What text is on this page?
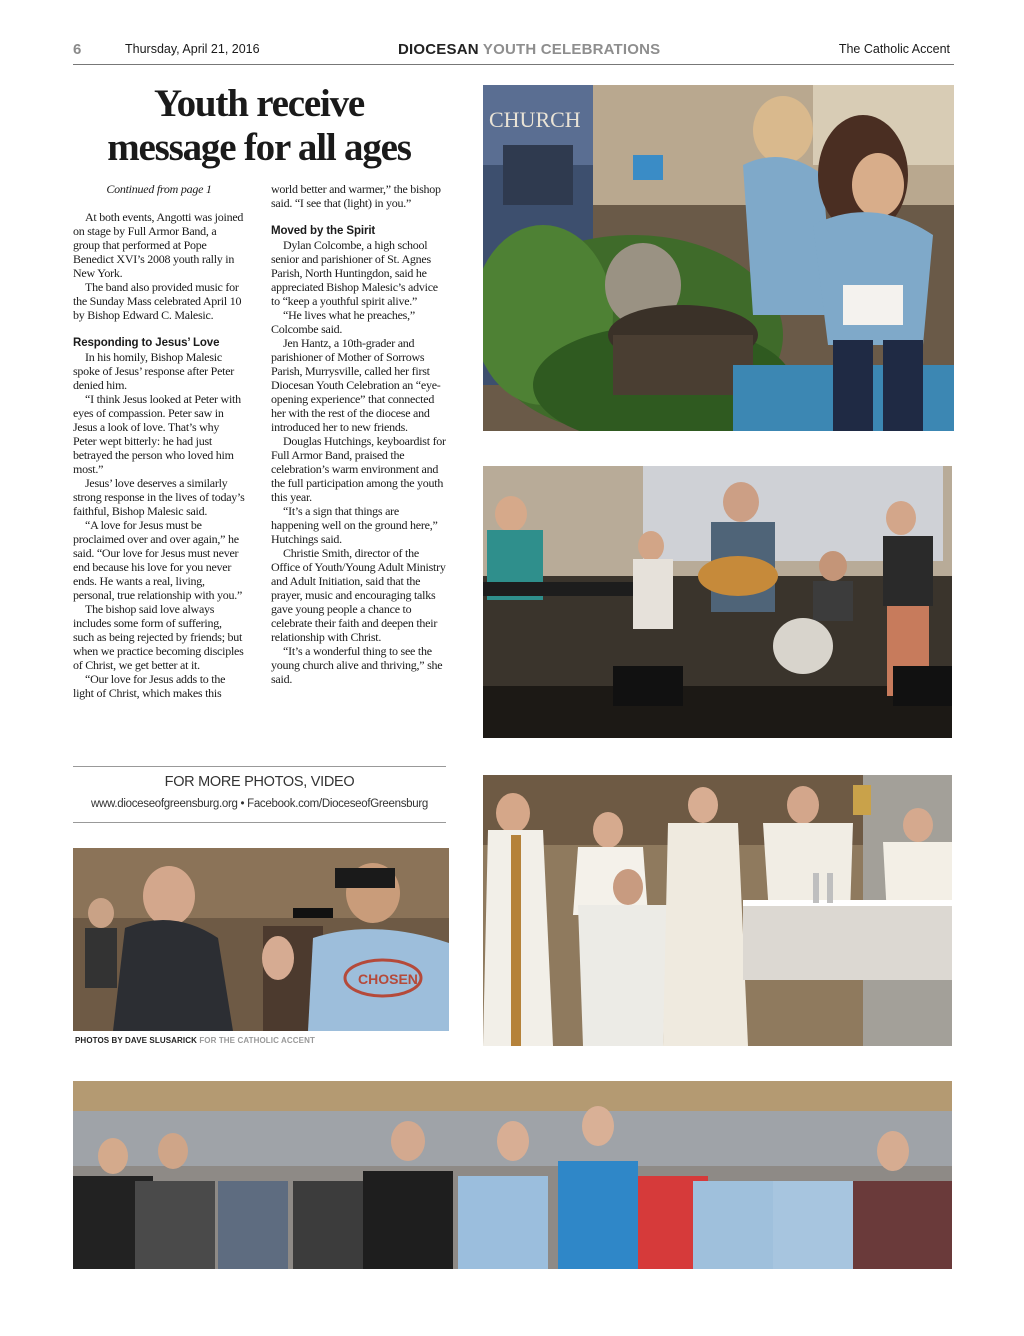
6	Thursday, April 21, 2016	DIOCESAN YOUTH CELEBRATIONS	The Catholic Accent
Youth receive
message for all ages

Continued from page 1

At both events, Angotti was joined on stage by Full Armor Band, a group that performed at Pope Benedict XVI’s 2008 youth rally in New York.

The band also provided music for the Sunday Mass celebrated April 10 by Bishop Edward C. Malesic.

Responding to Jesus’ Love

In his homily, Bishop Malesic spoke of Jesus’ response after Peter denied him.

“I think Jesus looked at Peter with eyes of compassion. Peter saw in Jesus a look of love. That’s why Peter wept bitterly: he had just betrayed the person who loved him most.”

Jesus’ love deserves a similarly strong response in the lives of today’s faithful, Bishop Malesic said.

“A love for Jesus must be proclaimed over and over again,” he said. “Our love for Jesus must never end because his love for you never ends. He wants a real, living, personal, true relationship with you.”

The bishop said love always includes some form of suffering, such as being rejected by friends; but when we practice becoming disciples of Christ, we get better at it.

“Our love for Jesus adds to the light of Christ, which makes this

world better and warmer,” the bishop said. “I see that (light) in you.”

Moved by the Spirit

Dylan Colcombe, a high school senior and parishioner of St. Agnes Parish, North Huntingdon, said he appreciated Bishop Malesic’s advice to “keep a youthful spirit alive.”

“He lives what he preaches,” Colcombe said.

Jen Hantz, a 10th-grader and parishioner of Mother of Sorrows Parish, Murrysville, called her first Diocesan Youth Celebration an “eye-opening experience” that connected her with the rest of the diocese and introduced her to new friends.

Douglas Hutchings, keyboardist for Full Armor Band, praised the celebration’s warm environment and the full participation among the youth this year.

“It’s a sign that things are happening well on the ground here,” Hutchings said.

Christie Smith, director of the Office of Youth/Young Adult Ministry and Adult Initiation, said that the prayer, music and encouraging talks gave young people a chance to celebrate their faith and deepen their relationship with Christ.

“It’s a wonderful thing to see the young church alive and thriving,” she said.

FOR MORE PHOTOS, VIDEO
www.dioceseofgreensburg.org • Facebook.com/DioceseofGreensburg
CHURCH
CHOSEN
PHOTOS BY DAVE SLUSARICK FOR THE CATHOLIC ACCENT
